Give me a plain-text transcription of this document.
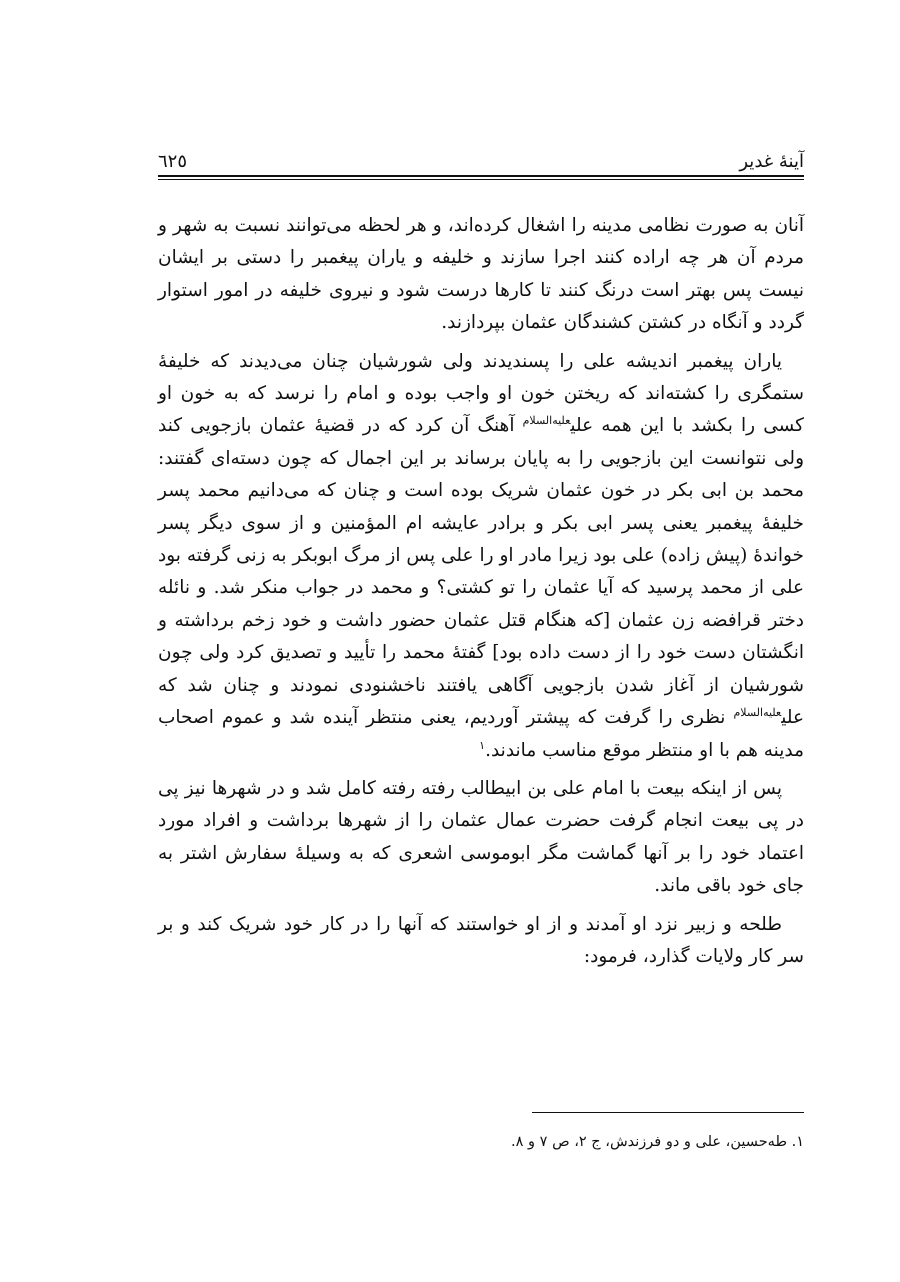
آینهٔ غدیر
٦٢٥

آنان به صورت نظامی مدینه را اشغال کرده‌اند، و هر لحظه می‌توانند نسبت به شهر و مردم آن هر چه اراده کنند اجرا سازند و خلیفه و یاران پیغمبر را دستی بر ایشان نیست پس بهتر است درنگ کنند تا کارها درست شود و نیروی خلیفه در امور استوار گردد و آنگاه در کشتن کشندگان عثمان بپردازند.

یاران پیغمبر اندیشه علی را پسندیدند ولی شورشیان چنان می‌دیدند که خلیفهٔ ستمگری را کشته‌اند که ریختن خون او واجب بوده و امام را نرسد که به خون او کسی را بکشد با این همه علی$^{علیه‌السلام}$ آهنگ آن کرد که در قضیهٔ عثمان بازجویی کند ولی نتوانست این بازجویی را به پایان برساند بر این اجمال که چون دسته‌ای گفتند: محمد بن ابی بکر در خون عثمان شریک بوده است و چنان که می‌دانیم محمد پسر خلیفهٔ پیغمبر یعنی پسر ابی بکر و برادر عایشه ام المؤمنین و از سوی دیگر پسر خواندهٔ (پیش زاده) علی بود زیرا مادر او را علی پس از مرگ ابوبکر به زنی گرفته بود علی از محمد پرسید که آیا عثمان را تو کشتی؟ و محمد در جواب منکر شد. و نائله دختر قرافضه زن عثمان [که هنگام قتل عثمان حضور داشت و خود زخم برداشته و انگشتان دست خود را از دست داده بود] گفتهٔ محمد را تأیید و تصدیق کرد ولی چون شورشیان از آغاز شدن بازجویی آگاهی یافتند ناخشنودی نمودند و چنان شد که علی$^{علیه‌السلام}$ نظری را گرفت که پیشتر آوردیم، یعنی منتظر آینده شد و عموم اصحاب مدینه هم با او منتظر موقع مناسب ماندند.$^١$

پس از اینکه بیعت با امام علی بن ابیطالب رفته رفته کامل شد و در شهرها نیز پی در پی بیعت انجام گرفت حضرت عمال عثمان را از شهرها برداشت و افراد مورد اعتماد خود را بر آنها گماشت مگر ابوموسی اشعری که به وسیلهٔ سفارش اشتر به جای خود باقی ماند.

طلحه و زبیر نزد او آمدند و از او خواستند که آنها را در کار خود شریک کند و بر سر کار ولایات گذارد، فرمود:

١. طه‌حسین، علی و دو فرزندش، ج ٢، ص ٧ و ٨.
